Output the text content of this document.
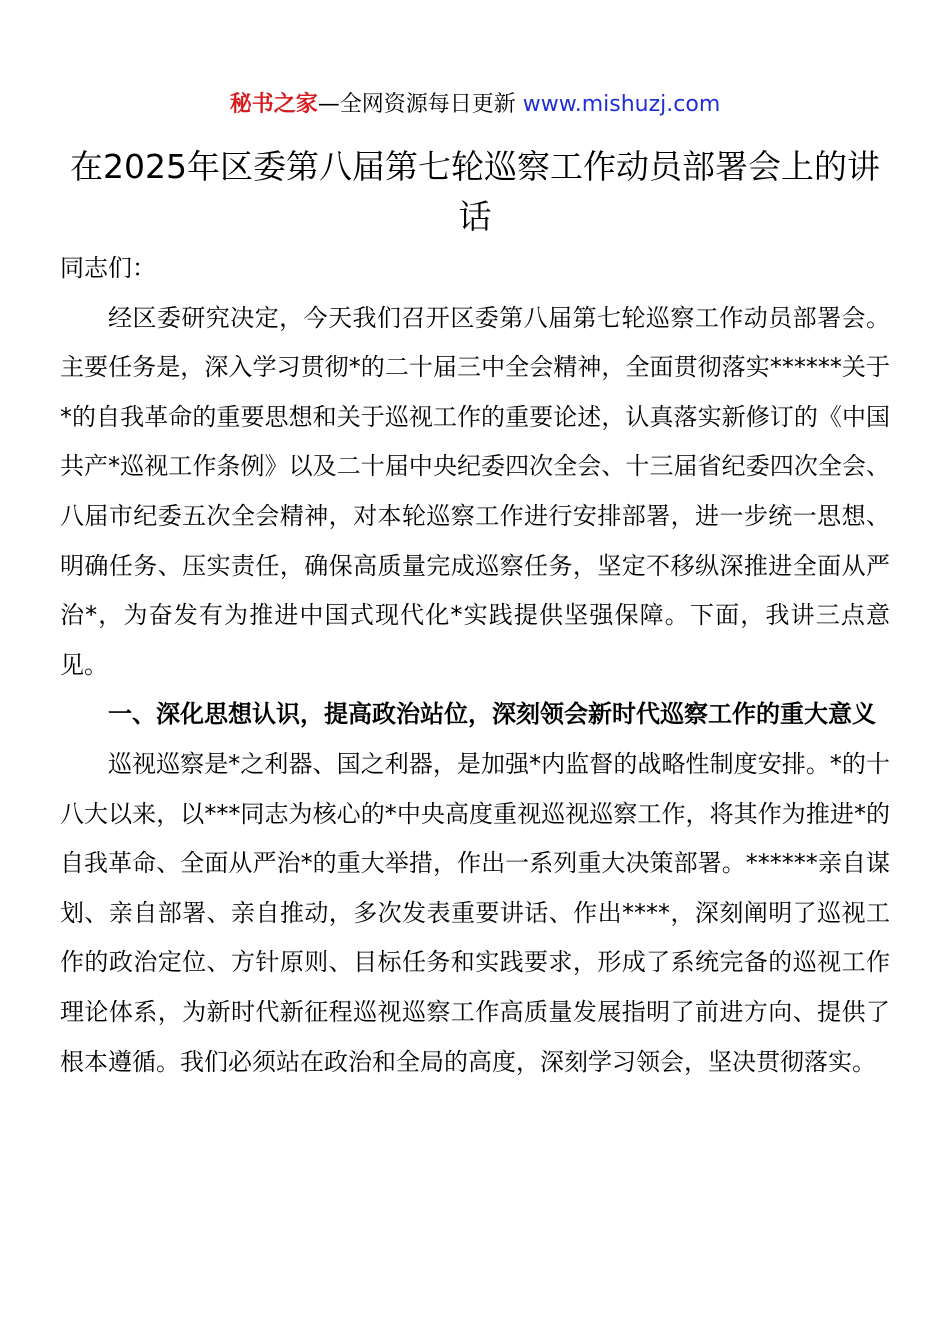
秘书之家—全网资源每日更新 www.mishuzj.com
在2025年区委第八届第七轮巡察工作动员部署会上的讲话

同志们：

经区委研究决定，今天我们召开区委第八届第七轮巡察工作动员部署会。主要任务是，深入学习贯彻*的二十届三中全会精神，全面贯彻落实******关于*的自我革命的重要思想和关于巡视工作的重要论述，认真落实新修订的《中国共产*巡视工作条例》以及二十届中央纪委四次全会、十三届省纪委四次全会、八届市纪委五次全会精神，对本轮巡察工作进行安排部署，进一步统一思想、明确任务、压实责任，确保高质量完成巡察任务，坚定不移纵深推进全面从严治*，为奋发有为推进中国式现代化*实践提供坚强保障。下面，我讲三点意见。

一、深化思想认识，提高政治站位，深刻领会新时代巡察工作的重大意义

巡视巡察是*之利器、国之利器，是加强*内监督的战略性制度安排。*的十八大以来，以***同志为核心的*中央高度重视巡视巡察工作，将其作为推进*的自我革命、全面从严治*的重大举措，作出一系列重大决策部署。******亲自谋划、亲自部署、亲自推动，多次发表重要讲话、作出****，深刻阐明了巡视工作的政治定位、方针原则、目标任务和实践要求，形成了系统完备的巡视工作理论体系，为新时代新征程巡视巡察工作高质量发展指明了前进方向、提供了根本遵循。我们必须站在政治和全局的高度，深刻学习领会，坚决贯彻落实。
